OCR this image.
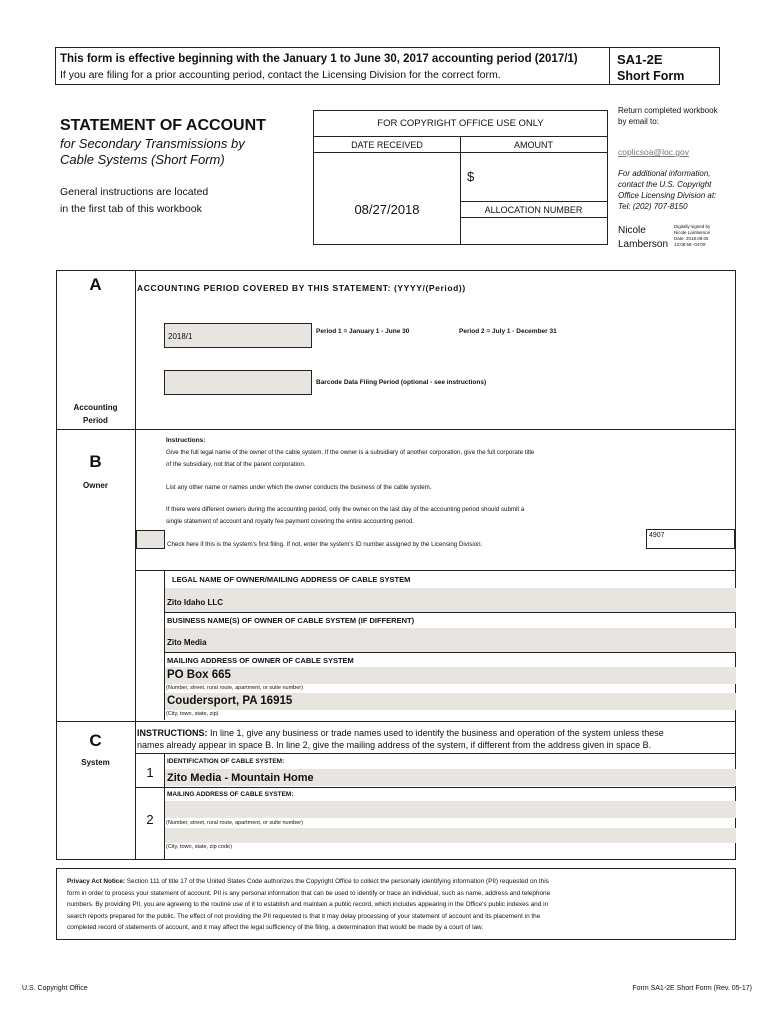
This form is effective beginning with the January 1 to June 30, 2017 accounting period (2017/1)
If you are filing for a prior accounting period, contact the Licensing Division for the correct form.
SA1-2E
Short Form
STATEMENT OF ACCOUNT
for Secondary Transmissions by
Cable Systems (Short Form)
General instructions are located
in the first tab of this workbook
FOR COPYRIGHT OFFICE USE ONLY
DATE RECEIVED	AMOUNT
08/27/2018
$
ALLOCATION NUMBER
Return completed workbook
by email to:
coplicsoa@loc.gov
For additional information,
contact the U.S. Copyright
Office Licensing Division at:
Tel: (202) 707-8150
Nicole
Lamberson
Digitally signed by
Nicole Lamberson
Date: 2018.09.05
13:08:58 -04'00'
A
Accounting
Period
ACCOUNTING PERIOD COVERED BY THIS STATEMENT: (YYYY/(Period))
2018/1
Period 1 = January 1 - June 30	Period 2 = July 1 - December 31
Barcode Data Filing Period (optional - see instructions)
B
Owner
Instructions:
Give the full legal name of the owner of the cable system. If the owner is a subsidiary of another corporation, give the full corporate title
of the subsidiary, not that of the parent corporation.
List any other name or names under which the owner conducts the business of the cable system.
If there were different owners during the accounting period, only the owner on the last day of the accounting period should submit a
single statement of account and royalty fee payment covering the entire accounting period.
Check here if this is the system's first filing. If not, enter the system's ID number assigned by the Licensing Division.
4907
LEGAL NAME OF OWNER/MAILING ADDRESS OF CABLE SYSTEM
Zito Idaho LLC
BUSINESS NAME(S) OF OWNER OF CABLE SYSTEM (IF DIFFERENT)
Zito Media
MAILING ADDRESS OF OWNER OF CABLE SYSTEM
PO Box 665
(Number, street, rural route, apartment, or suite number)
Coudersport, PA 16915
(City, town, state, zip)
C
System
INSTRUCTIONS: In line 1, give any business or trade names used to identify the business and operation of the system unless these
names already appear in space B. In line 2, give the mailing address of the system, if different from the address given in space B.
1
IDENTIFICATION OF CABLE SYSTEM:
Zito Media - Mountain Home
MAILING ADDRESS OF CABLE SYSTEM:
2	(Number, street, rural route, apartment, or suite number)
(City, town, state, zip code)
Privacy Act Notice: Section 111 of title 17 of the United States Code authorizes the Copyright Office to collect the personally identifying information (PII) requested on this
form in order to process your statement of account. PII is any personal information that can be used to identify or trace an individual, such as name, address and telephone
numbers. By providing PII, you are agreeing to the routine use of it to establish and maintain a public record, which includes appearing in the Office's public indexes and in
search reports prepared for the public. The effect of not providing the PII requested is that it may delay processing of your statement of account and its placement in the
completed record of statements of account, and it may affect the legal sufficiency of the filing, a determination that would be made by a court of law.
U.S. Copyright Office	Form SA1-2E Short Form (Rev. 05-17)
